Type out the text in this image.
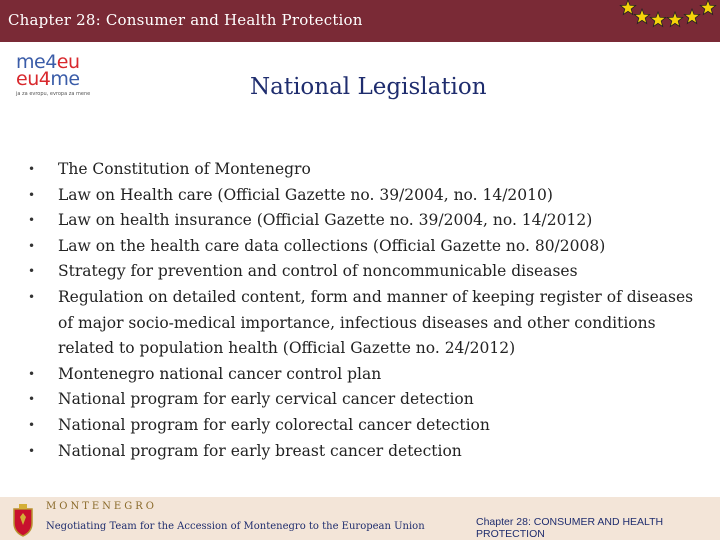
Chapter 28: Consumer and Health Protection
me4eu
eu4me
ja za evropu, evropa za mene	National Legislation
• The Constitution of Montenegro
• Law on Health care (Official Gazette no. 39/2004, no. 14/2010)
• Law on health insurance (Official Gazette no. 39/2004, no. 14/2012)
• Law on the health care data collections (Official Gazette no. 80/2008)
• Strategy for prevention and control of noncommunicable diseases
• Regulation on detailed content, form and manner of keeping register of diseases of major socio-medical importance, infectious diseases and other conditions related to population health (Official Gazette no. 24/2012)
• Montenegro national cancer control plan
• National program for early cervical cancer detection
• National program for early colorectal cancer detection
• National program for early breast cancer detection
MONTENEGRO
Negotiating Team for the Accession of Montenegro to the European Union	Chapter 28: CONSUMER AND HEALTH PROTECTION
